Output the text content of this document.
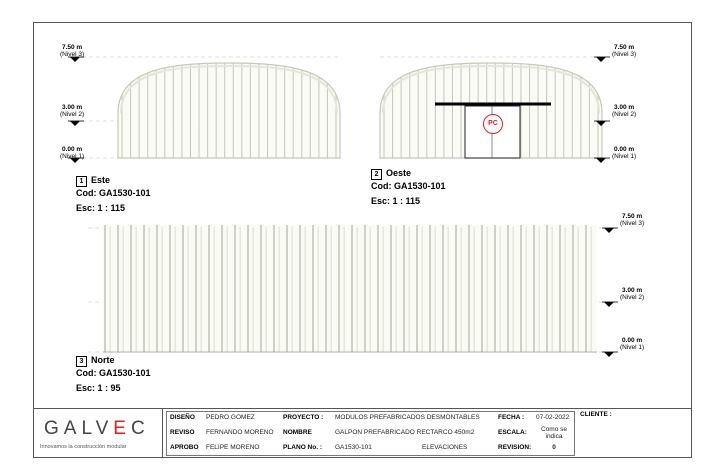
7.50 m
(Nivel 3)
3.00 m
(Nivel 2)
0.00 m
(Nivel 1)
7.50 m
(Nivel 3)
3.00 m
(Nivel 2)
0.00 m
(Nivel 1)
7.50 m
(Nivel 3)
3.00 m
(Nivel 2)
0.00 m
(Nivel 1)
PC
1 Este
Cod: GA1530-101
Esc: 1 : 115
2 Oeste
Cod: GA1530-101
Esc: 1 : 115
3 Norte
Cod: GA1530-101
Esc: 1 : 95
GALVEC
Innovamos la construcción modular
DISEÑO	PEDRO GOMEZ	PROYECTO :	MODULOS PREFABRICADOS DESMONTABLES	FECHA :	07-02-2022
REVISO	FERNANDO MORENO	NOMBRE	GALPON PREFABRICADO RECTARCO 450m2	ESCALA:	Como se indica
APROBO	FELIPE MORENO	PLANO No. :	GA1530-101	ELEVACIONES	REVISION:	0
CLIENTE :
